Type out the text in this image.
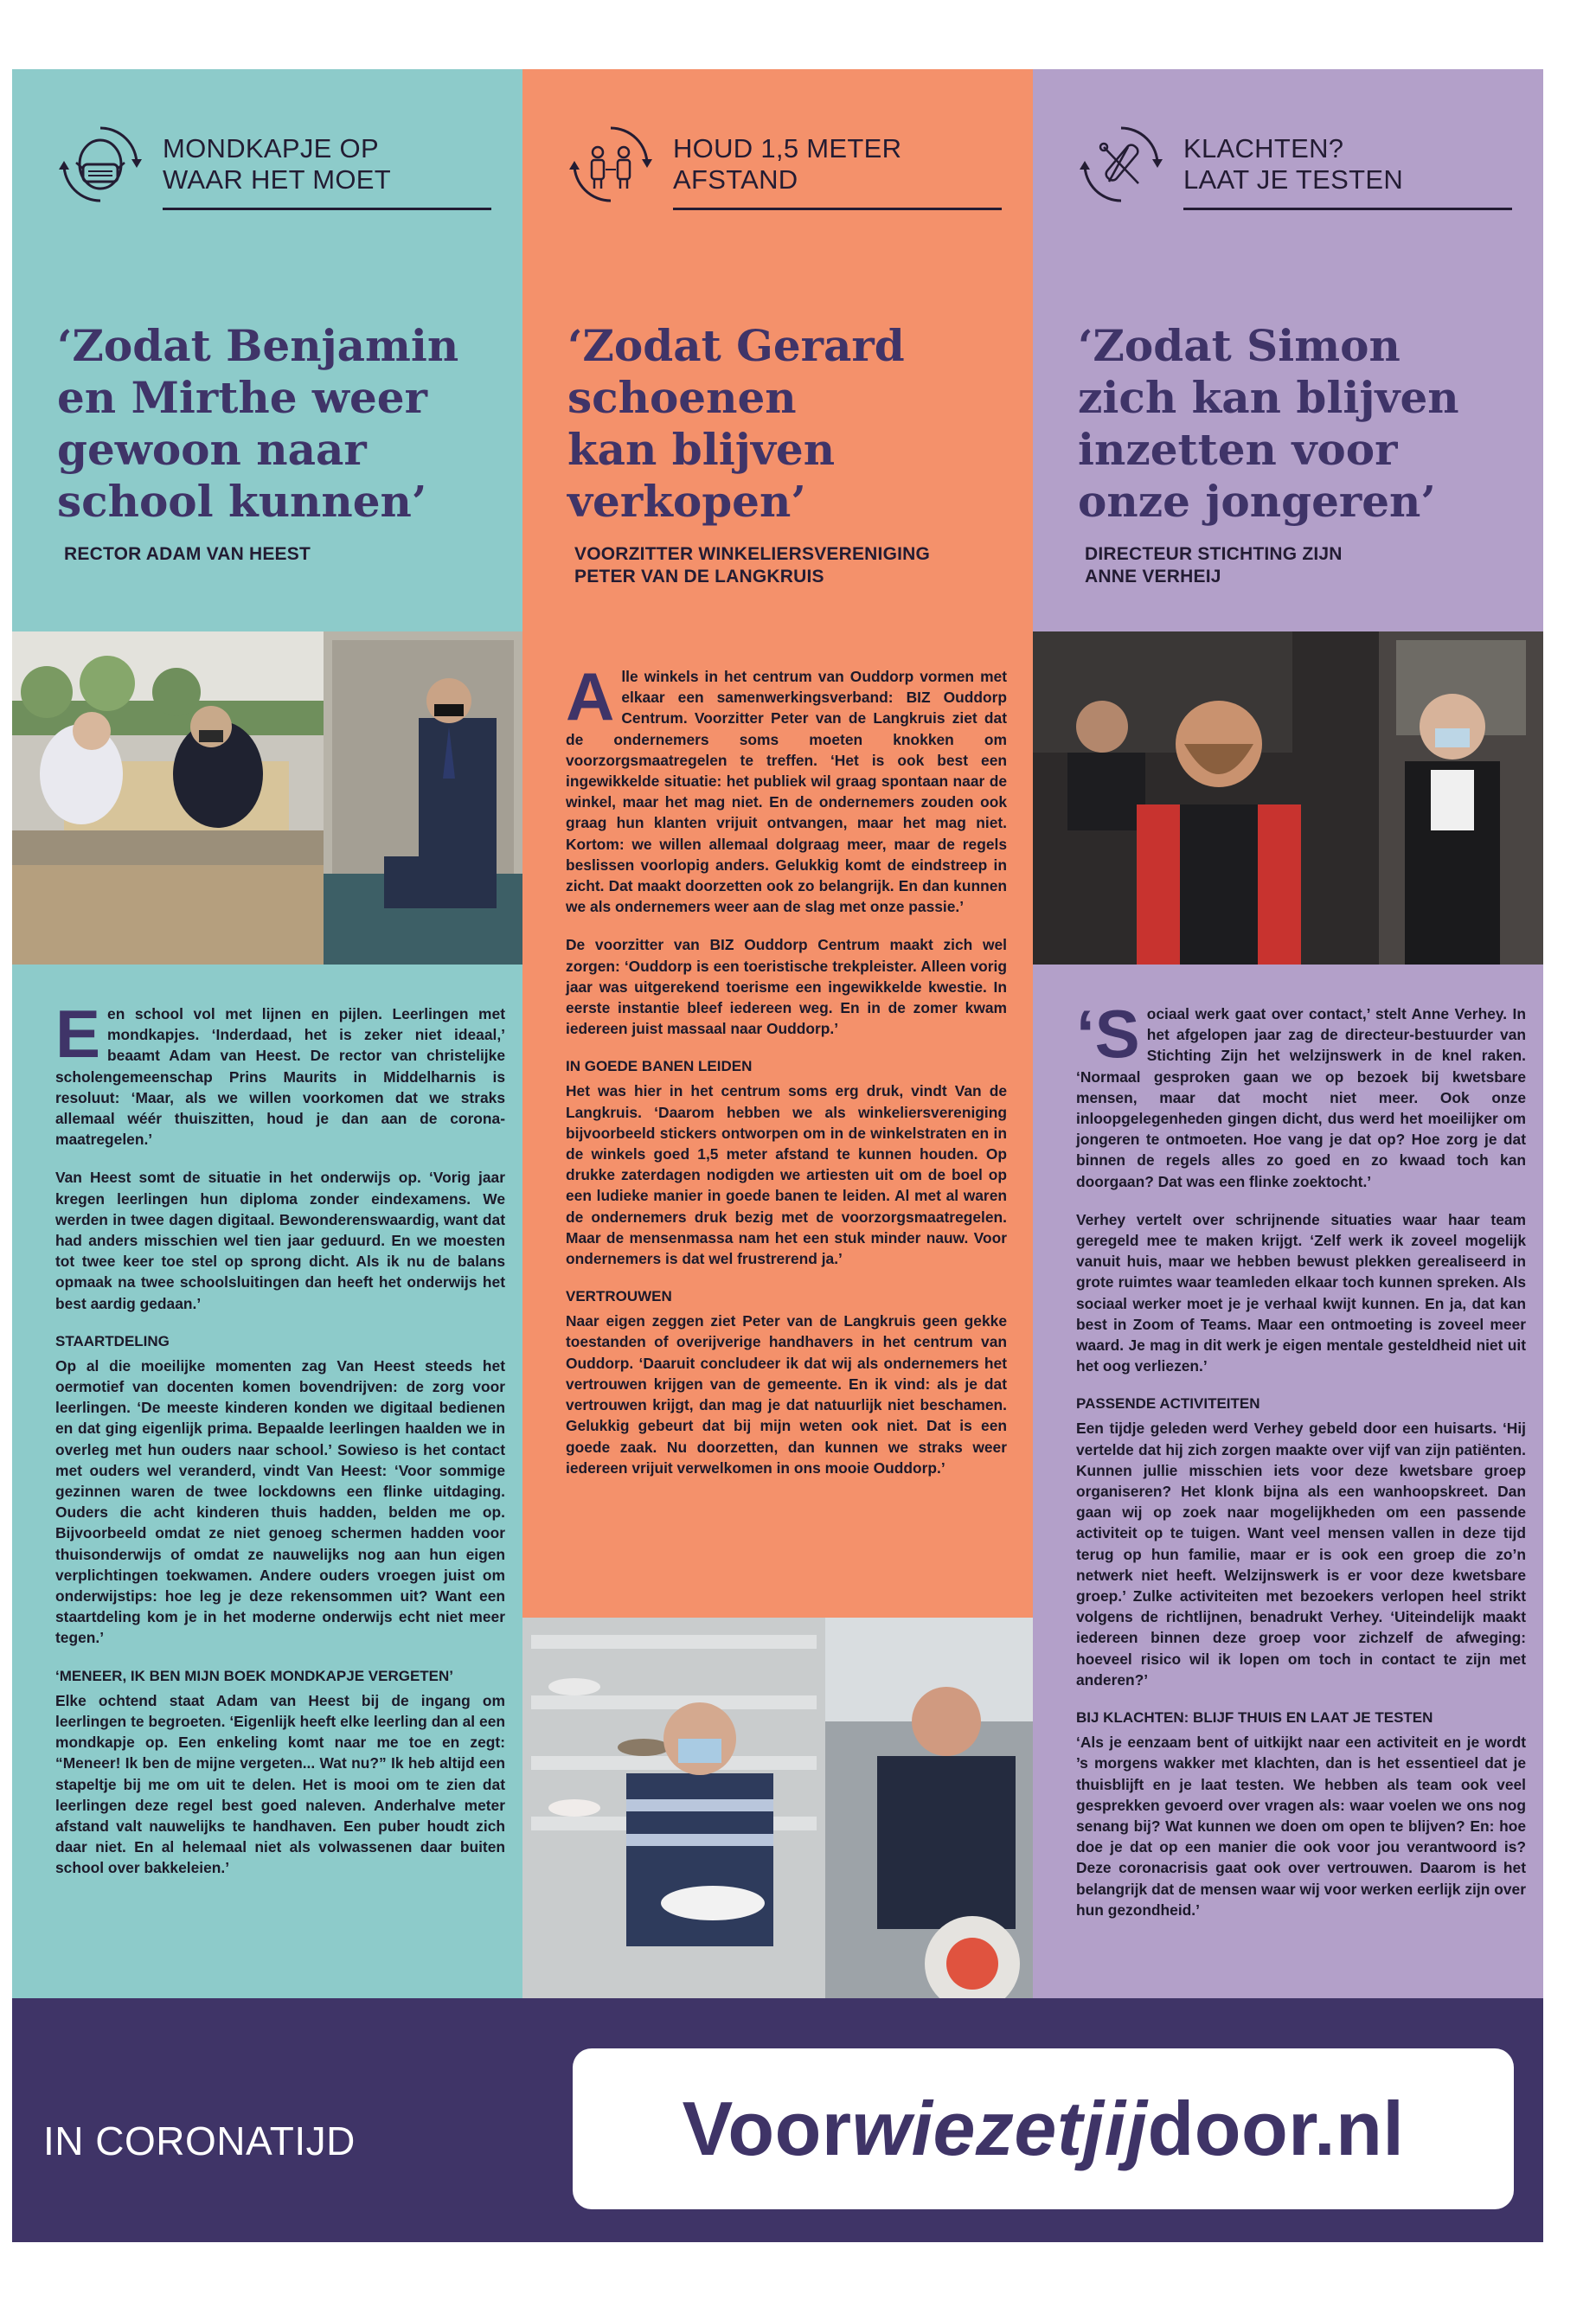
MONDKAPJE OP
WAAR HET MOET
‘Zodat Benjamin
en Mirthe weer
gewoon naar
school kunnen’
RECTOR ADAM VAN HEEST

E en school vol met lijnen en pijlen. Leerlingen met mondkapjes. ‘Inderdaad, het is zeker niet ideaal,’ beaamt Adam van Heest. De rector van christelijke scholengemeenschap Prins Maurits in Middelharnis is resoluut: ‘Maar, als we willen voorkomen dat we straks allemaal wéér thuiszitten, houd je dan aan de corona-maatregelen.’

Van Heest somt de situatie in het onderwijs op. ‘Vorig jaar kregen leerlingen hun diploma zonder eindexamens. We werden in twee dagen digitaal. Bewonderenswaardig, want dat had anders misschien wel tien jaar geduurd. En we moesten tot twee keer toe stel op sprong dicht. Als ik nu de balans opmaak na twee schoolsluitingen dan heeft het onderwijs het best aardig gedaan.’

STAARTDELING

Op al die moeilijke momenten zag Van Heest steeds het oermotief van docenten komen bovendrijven: de zorg voor leerlingen. ‘De meeste kinderen konden we digitaal bedienen en dat ging eigenlijk prima. Bepaalde leerlingen haalden we in overleg met hun ouders naar school.’ Sowieso is het contact met ouders wel veranderd, vindt Van Heest: ‘Voor sommige gezinnen waren de twee lockdowns een flinke uitdaging. Ouders die acht kinderen thuis hadden, belden me op. Bijvoorbeeld omdat ze niet genoeg schermen hadden voor thuisonderwijs of omdat ze nauwelijks nog aan hun eigen verplichtingen toekwamen. Andere ouders vroegen juist om onderwijstips: hoe leg je deze rekensommen uit? Want een staartdeling kom je in het moderne onderwijs echt niet meer tegen.’

‘MENEER, IK BEN MIJN BOEK MONDKAPJE VERGETEN’

Elke ochtend staat Adam van Heest bij de ingang om leerlingen te begroeten. ‘Eigenlijk heeft elke leerling dan al een mondkapje op. Een enkeling komt naar me toe en zegt: “Meneer! Ik ben de mijne vergeten... Wat nu?” Ik heb altijd een stapeltje bij me om uit te delen. Het is mooi om te zien dat leerlingen deze regel best goed naleven. Anderhalve meter afstand valt nauwelijks te handhaven. Een puber houdt zich daar niet. En al helemaal niet als volwassenen daar buiten school over bakkeleien.’

HOUD 1,5 METER
AFSTAND
‘Zodat Gerard
schoenen
kan blijven
verkopen’
VOORZITTER WINKELIERSVERENIGING
PETER VAN DE LANGKRUIS

A lle winkels in het centrum van Ouddorp vormen met elkaar een samenwerkingsverband: BIZ Ouddorp Centrum. Voorzitter Peter van de Langkruis ziet dat de ondernemers soms moeten knokken om voorzorgsmaatregelen te treffen. ‘Het is ook best een ingewikkelde situatie: het publiek wil graag spontaan naar de winkel, maar het mag niet. En de ondernemers zouden ook graag hun klanten vrijuit ontvangen, maar het mag niet. Kortom: we willen allemaal dolgraag meer, maar de regels beslissen voorlopig anders. Gelukkig komt de eindstreep in zicht. Dat maakt doorzetten ook zo belangrijk. En dan kunnen we als ondernemers weer aan de slag met onze passie.’

De voorzitter van BIZ Ouddorp Centrum maakt zich wel zorgen: ‘Ouddorp is een toeristische trekpleister. Alleen vorig jaar was uitgerekend toerisme een ingewikkelde kwestie. In eerste instantie bleef iedereen weg. En in de zomer kwam iedereen juist massaal naar Ouddorp.’

IN GOEDE BANEN LEIDEN

Het was hier in het centrum soms erg druk, vindt Van de Langkruis. ‘Daarom hebben we als winkeliersvereniging bijvoorbeeld stickers ontworpen om in de winkelstraten en in de winkels goed 1,5 meter afstand te kunnen houden. Op drukke zaterdagen nodigden we artiesten uit om de boel op een ludieke manier in goede banen te leiden. Al met al waren de ondernemers druk bezig met de voorzorgsmaatregelen. Maar de mensenmassa nam het een stuk minder nauw. Voor ondernemers is dat wel frustrerend ja.’

VERTROUWEN

Naar eigen zeggen ziet Peter van de Langkruis geen gekke toestanden of overijverige handhavers in het centrum van Ouddorp. ‘Daaruit concludeer ik dat wij als ondernemers het vertrouwen krijgen van de gemeente. En ik vind: als je dat vertrouwen krijgt, dan mag je dat natuurlijk niet beschamen. Gelukkig gebeurt dat bij mijn weten ook niet. Dat is een goede zaak. Nu doorzetten, dan kunnen we straks weer iedereen vrijuit verwelkomen in ons mooie Ouddorp.’

KLACHTEN?
LAAT JE TESTEN
‘Zodat Simon
zich kan blijven
inzetten voor
onze jongeren’
DIRECTEUR STICHTING ZIJN
ANNE VERHEIJ

‘S ociaal werk gaat over contact,’ stelt Anne Verhey. In het afgelopen jaar zag de directeur-bestuurder van Stichting Zijn het welzijnswerk in de knel raken. ‘Normaal gesproken gaan we op bezoek bij kwetsbare mensen, maar dat mocht niet meer. Ook onze inloopgelegenheden gingen dicht, dus werd het moeilijker om jongeren te ontmoeten. Hoe vang je dat op? Hoe zorg je dat binnen de regels alles zo goed en zo kwaad toch kan doorgaan? Dat was een flinke zoektocht.’

Verhey vertelt over schrijnende situaties waar haar team geregeld mee te maken krijgt. ‘Zelf werk ik zoveel mogelijk vanuit huis, maar we hebben bewust plekken gerealiseerd in grote ruimtes waar teamleden elkaar toch kunnen spreken. Als sociaal werker moet je je verhaal kwijt kunnen. En ja, dat kan best in Zoom of Teams. Maar een ontmoeting is zoveel meer waard. Je mag in dit werk je eigen mentale gesteldheid niet uit het oog verliezen.’

PASSENDE ACTIVITEITEN

Een tijdje geleden werd Verhey gebeld door een huisarts. ‘Hij vertelde dat hij zich zorgen maakte over vijf van zijn patiënten. Kunnen jullie misschien iets voor deze kwetsbare groep organiseren? Het klonk bijna als een wanhoopskreet. Dan gaan wij op zoek naar mogelijkheden om een passende activiteit op te tuigen. Want veel mensen vallen in deze tijd terug op hun familie, maar er is ook een groep die zo’n netwerk niet heeft. Welzijnswerk is er voor deze kwetsbare groep.’ Zulke activiteiten met bezoekers verlopen heel strikt volgens de richtlijnen, benadrukt Verhey. ‘Uiteindelijk maakt iedereen binnen deze groep voor zichzelf de afweging: hoeveel risico wil ik lopen om toch in contact te zijn met anderen?’

BIJ KLACHTEN: BLIJF THUIS EN LAAT JE TESTEN

‘Als je eenzaam bent of uitkijkt naar een activiteit en je wordt ’s morgens wakker met klachten, dan is het essentieel dat je thuisblijft en je laat testen. We hebben als team ook veel gesprekken gevoerd over vragen als: waar voelen we ons nog senang bij? Wat kunnen we doen om open te blijven? En: hoe doe je dat op een manier die ook voor jou verantwoord is? Deze coronacrisis gaat ook over vertrouwen. Daarom is het belangrijk dat de mensen waar wij voor werken eerlijk zijn over hun gezondheid.’

IN CORONATIJD	Voorwiezetjijdoor.nl
